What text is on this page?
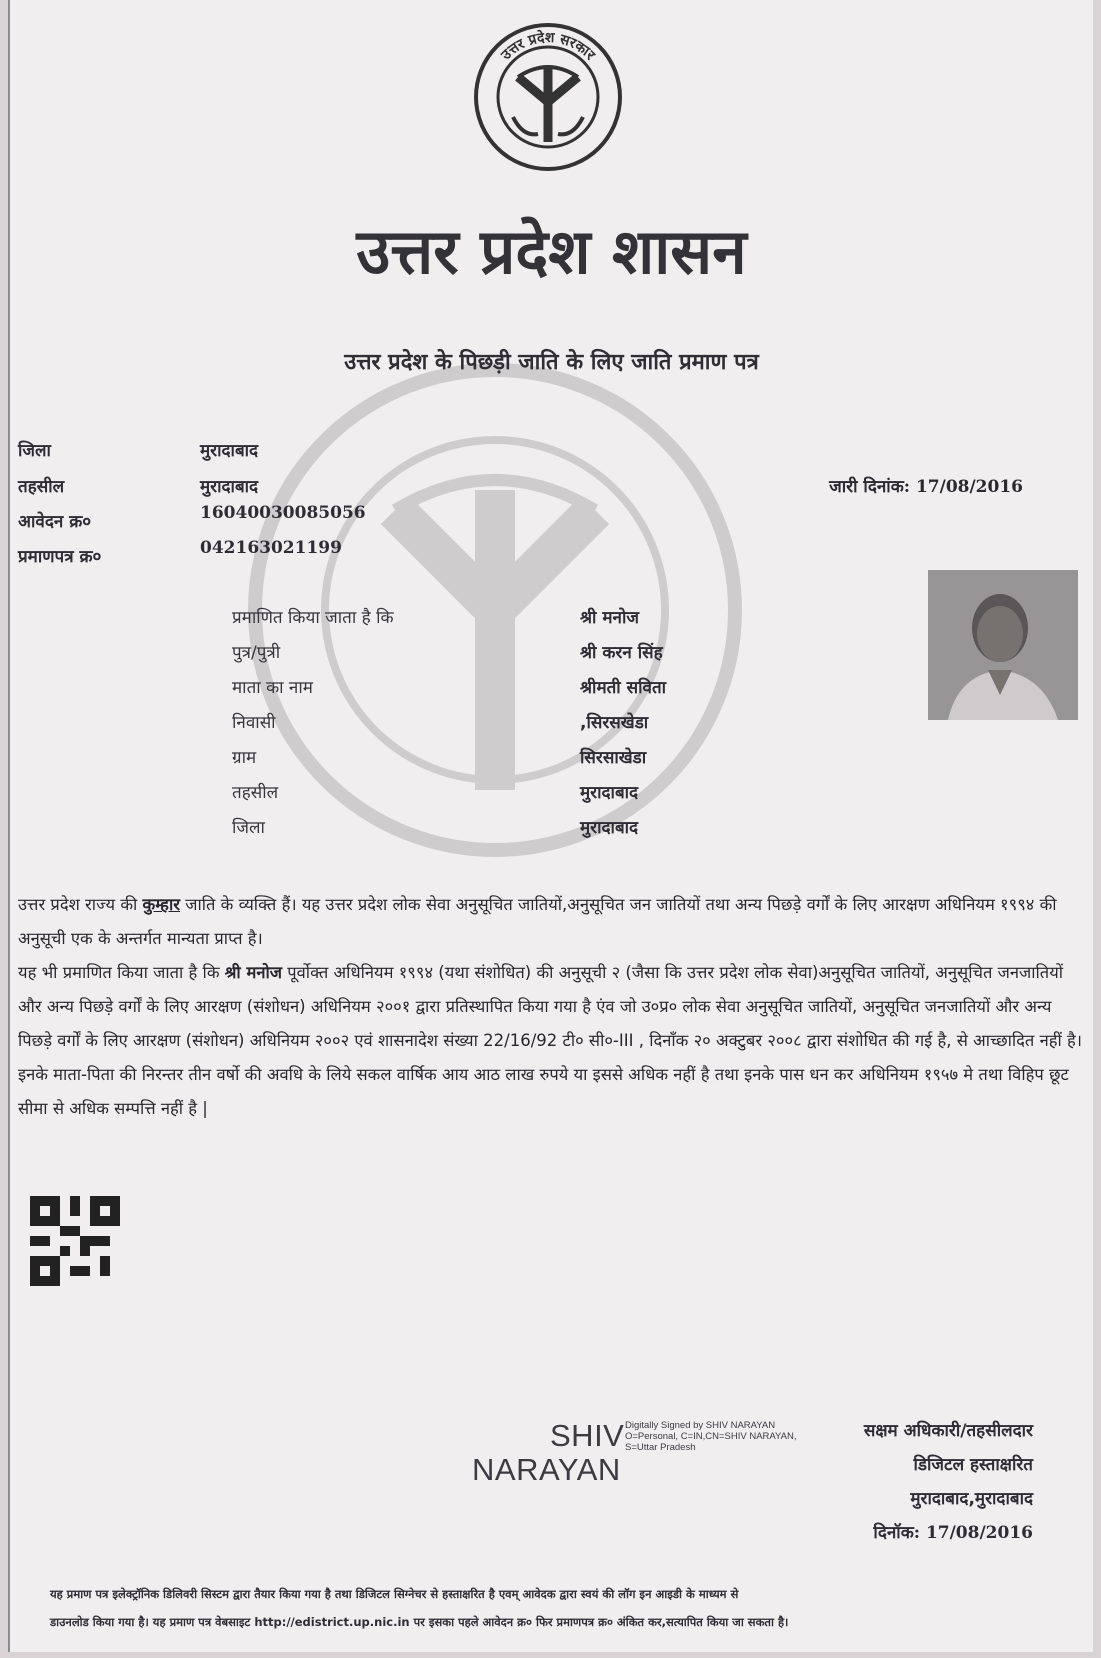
उत्तर प्रदेश सरकार
उत्तर प्रदेश शासन
उत्तर प्रदेश के पिछड़ी जाति के लिए जाति प्रमाण पत्र
जिला	मुरादाबाद
तहसील	मुरादाबाद
आवेदन क्र०	16040030085056
प्रमाणपत्र क्र०	042163021199
जारी दिनांक: 17/08/2016
प्रमाणित किया जाता है कि	श्री मनोज
पुत्र/पुत्री	श्री करन सिंह
माता का नाम	श्रीमती सविता
निवासी	,सिरसखेडा
ग्राम	सिरसाखेडा
तहसील	मुरादाबाद
जिला	मुरादाबाद

उत्तर प्रदेश राज्य की कुम्हार जाति के व्यक्ति हैं। यह उत्तर प्रदेश लोक सेवा अनुसूचित जातियों,अनुसूचित जन जातियों तथा अन्य पिछड़े वर्गों के लिए आरक्षण अधिनियम १९९४ की अनुसूची एक के अन्तर्गत मान्यता प्राप्त है।

यह भी प्रमाणित किया जाता है कि श्री मनोज पूर्वोक्त अधिनियम १९९४ (यथा संशोधित) की अनुसूची २ (जैसा कि उत्तर प्रदेश लोक सेवा)अनुसूचित जातियों, अनुसूचित जनजातियों और अन्य पिछड़े वर्गों के लिए आरक्षण (संशोधन) अधिनियम २००१ द्वारा प्रतिस्थापित किया गया है एंव जो उ०प्र० लोक सेवा अनुसूचित जातियों, अनुसूचित जनजातियों और अन्य पिछड़े वर्गों के लिए आरक्षण (संशोधन) अधिनियम २००२ एवं शासनादेश संख्या 22/16/92 टी० सी०-III , दिनाँक २० अक्टुबर २००८ द्वारा संशोधित की गई है, से आच्छादित नहीं है।इनके माता-पिता की निरन्तर तीन वर्षो की अवधि के लिये सकल वार्षिक आय आठ लाख रुपये या इससे अधिक नहीं है तथा इनके पास धन कर अधिनियम १९५७ मे तथा विहिप छूट सीमा से अधिक सम्पत्ति नहीं है |

SHIV
NARAYAN
Digitally Signed by SHIV NARAYAN O=Personal, C=IN,CN=SHIV NARAYAN, S=Uttar Pradesh
सक्षम अधिकारी/तहसीलदार
डिजिटल हस्ताक्षरित
मुरादाबाद,मुरादाबाद
दिनॉक: 17/08/2016
यह प्रमाण पत्र इलेक्ट्रॉनिक डिलिवरी सिस्टम द्वारा तैयार किया गया है तथा डिजिटल सिग्नेचर से हस्ताक्षरित है एवम् आवेदक द्वारा स्वयं की लॉग इन आइडी के माध्यम से
डाउनलोड किया गया है। यह प्रमाण पत्र वेबसाइट http://edistrict.up.nic.in पर इसका पहले आवेदन क्र० फिर प्रमाणपत्र क्र० अंकित कर,सत्यापित किया जा सकता है।
